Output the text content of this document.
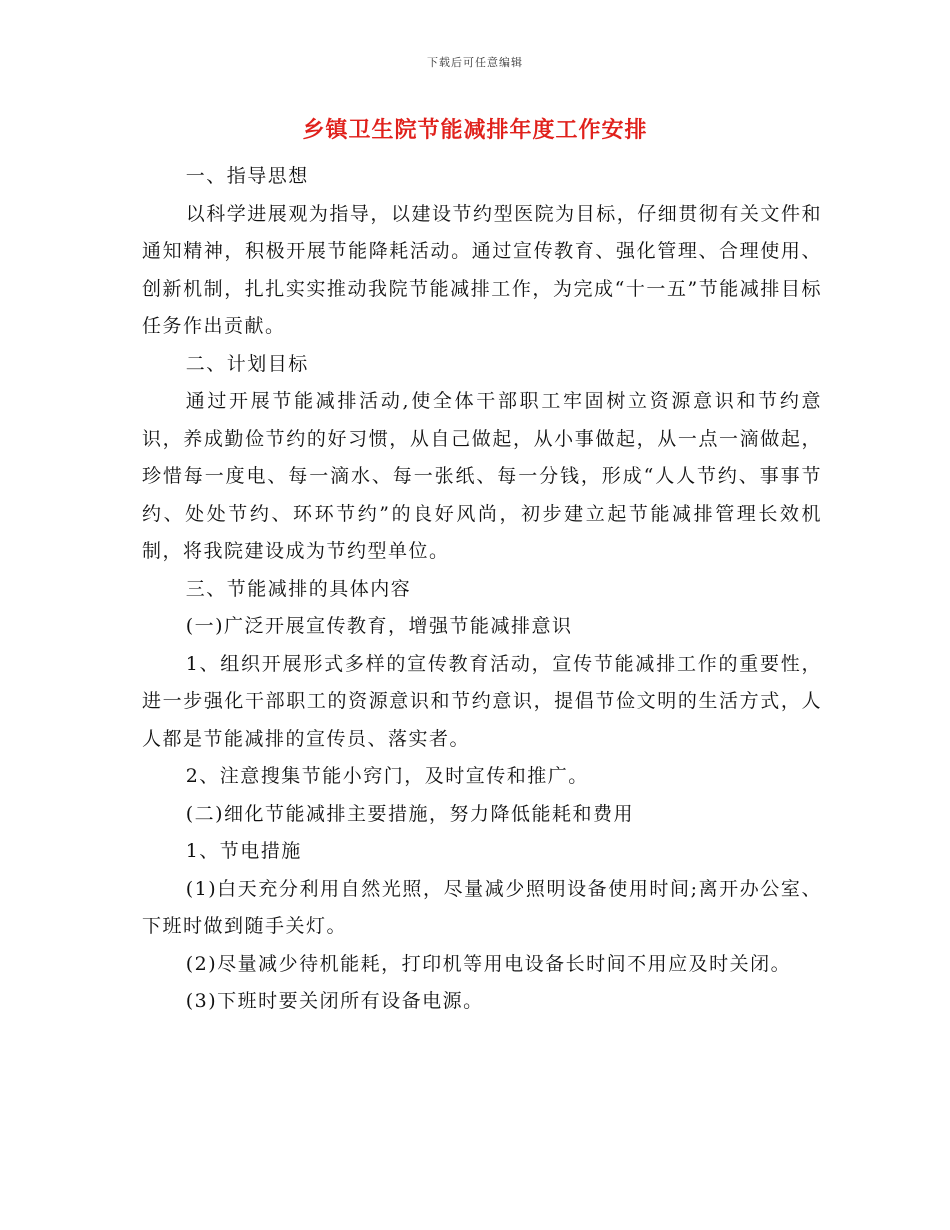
下载后可任意编辑
乡镇卫生院节能减排年度工作安排

一、指导思想

以科学进展观为指导，以建设节约型医院为目标，仔细贯彻有关文件和通知精神，积极开展节能降耗活动。通过宣传教育、强化管理、合理使用、创新机制，扎扎实实推动我院节能减排工作，为完成“十一五”节能减排目标任务作出贡献。

二、计划目标

通过开展节能减排活动,使全体干部职工牢固树立资源意识和节约意识，养成勤俭节约的好习惯，从自己做起，从小事做起，从一点一滴做起，珍惜每一度电、每一滴水、每一张纸、每一分钱，形成“人人节约、事事节约、处处节约、环环节约”的良好风尚，初步建立起节能减排管理长效机制，将我院建设成为节约型单位。

三、节能减排的具体内容

(一)广泛开展宣传教育，增强节能减排意识

1、组织开展形式多样的宣传教育活动，宣传节能减排工作的重要性，进一步强化干部职工的资源意识和节约意识，提倡节俭文明的生活方式，人人都是节能减排的宣传员、落实者。

2、注意搜集节能小窍门，及时宣传和推广。

(二)细化节能减排主要措施，努力降低能耗和费用

1、节电措施

(1)白天充分利用自然光照，尽量减少照明设备使用时间;离开办公室、下班时做到随手关灯。

(2)尽量减少待机能耗，打印机等用电设备长时间不用应及时关闭。

(3)下班时要关闭所有设备电源。
